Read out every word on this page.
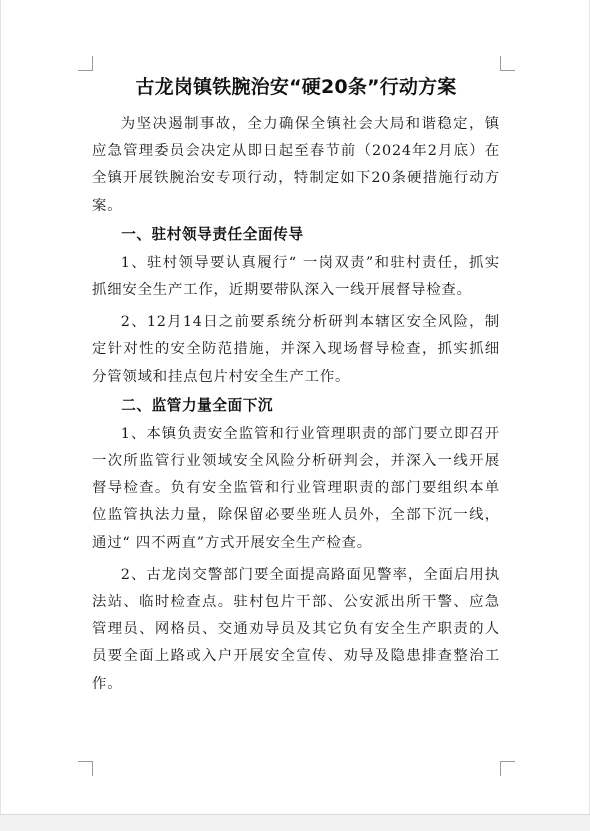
古龙岗镇铁腕治安“硬20条”行动方案

为坚决遏制事故，全力确保全镇社会大局和谐稳定，镇应急管理委员会决定从即日起至春节前（2024年2月底）在全镇开展铁腕治安专项行动，特制定如下20条硬措施行动方案。

一、驻村领导责任全面传导

1、驻村领导要认真履行“ 一岗双责”和驻村责任，抓实抓细安全生产工作，近期要带队深入一线开展督导检查。

2、12月14日之前要系统分析研判本辖区安全风险，制定针对性的安全防范措施，并深入现场督导检查，抓实抓细分管领域和挂点包片村安全生产工作。

二、监管力量全面下沉

1、本镇负责安全监管和行业管理职责的部门要立即召开一次所监管行业领域安全风险分析研判会，并深入一线开展督导检查。负有安全监管和行业管理职责的部门要组织本单位监管执法力量，除保留必要坐班人员外，全部下沉一线，通过“ 四不两直”方式开展安全生产检查。

2、古龙岗交警部门要全面提高路面见警率，全面启用执法站、临时检查点。驻村包片干部、公安派出所干警、应急管理员、网格员、交通劝导员及其它负有安全生产职责的人员要全面上路或入户开展安全宣传、劝导及隐患排查整治工作。
